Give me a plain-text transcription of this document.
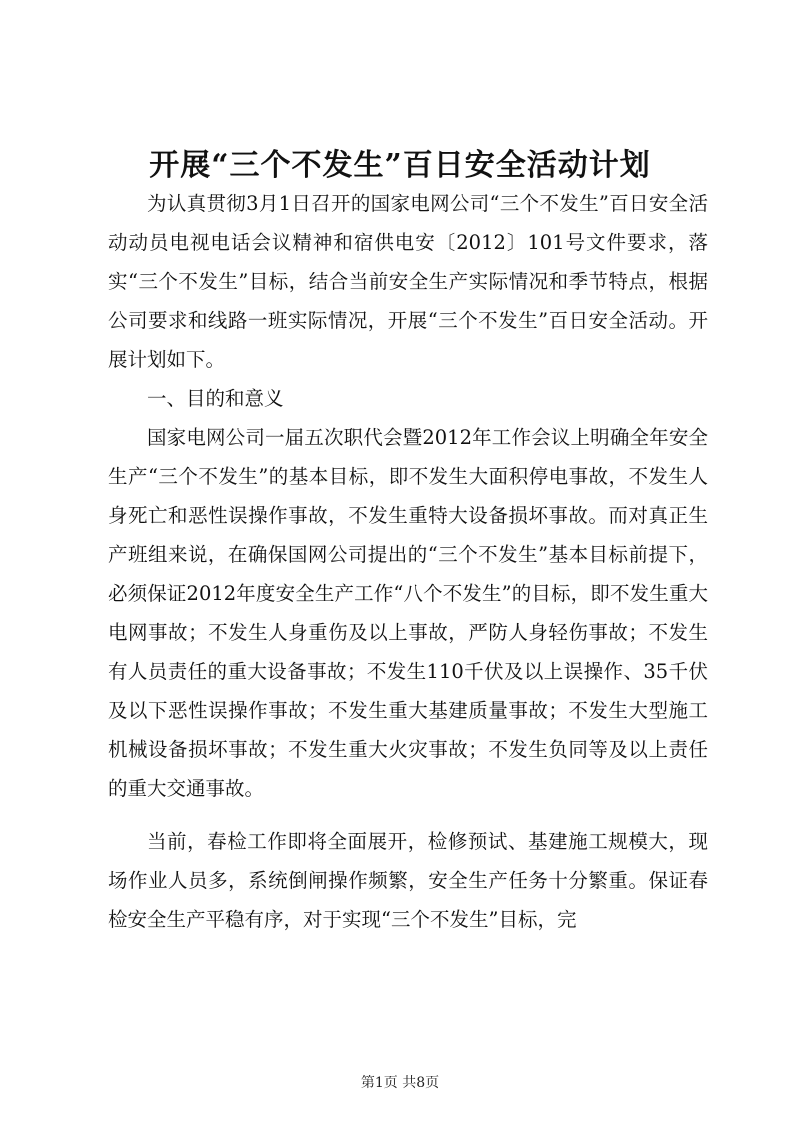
开展“三个不发生”百日安全活动计划

为认真贯彻3月1日召开的国家电网公司“三个不发生”百日安全活动动员电视电话会议精神和宿供电安〔2012〕101号文件要求，落实“三个不发生”目标，结合当前安全生产实际情况和季节特点，根据公司要求和线路一班实际情况，开展“三个不发生”百日安全活动。开展计划如下。

一、目的和意义

国家电网公司一届五次职代会暨2012年工作会议上明确全年安全生产“三个不发生”的基本目标，即不发生大面积停电事故，不发生人身死亡和恶性误操作事故，不发生重特大设备损坏事故。而对真正生产班组来说，在确保国网公司提出的“三个不发生”基本目标前提下，必须保证2012年度安全生产工作“八个不发生”的目标，即不发生重大电网事故；不发生人身重伤及以上事故，严防人身轻伤事故；不发生有人员责任的重大设备事故；不发生110千伏及以上误操作、35千伏及以下恶性误操作事故；不发生重大基建质量事故；不发生大型施工机械设备损坏事故；不发生重大火灾事故；不发生负同等及以上责任的重大交通事故。

当前，春检工作即将全面展开，检修预试、基建施工规模大，现场作业人员多，系统倒闸操作频繁，安全生产任务十分繁重。保证春检安全生产平稳有序，对于实现“三个不发生”目标，完

第1页 共8页
